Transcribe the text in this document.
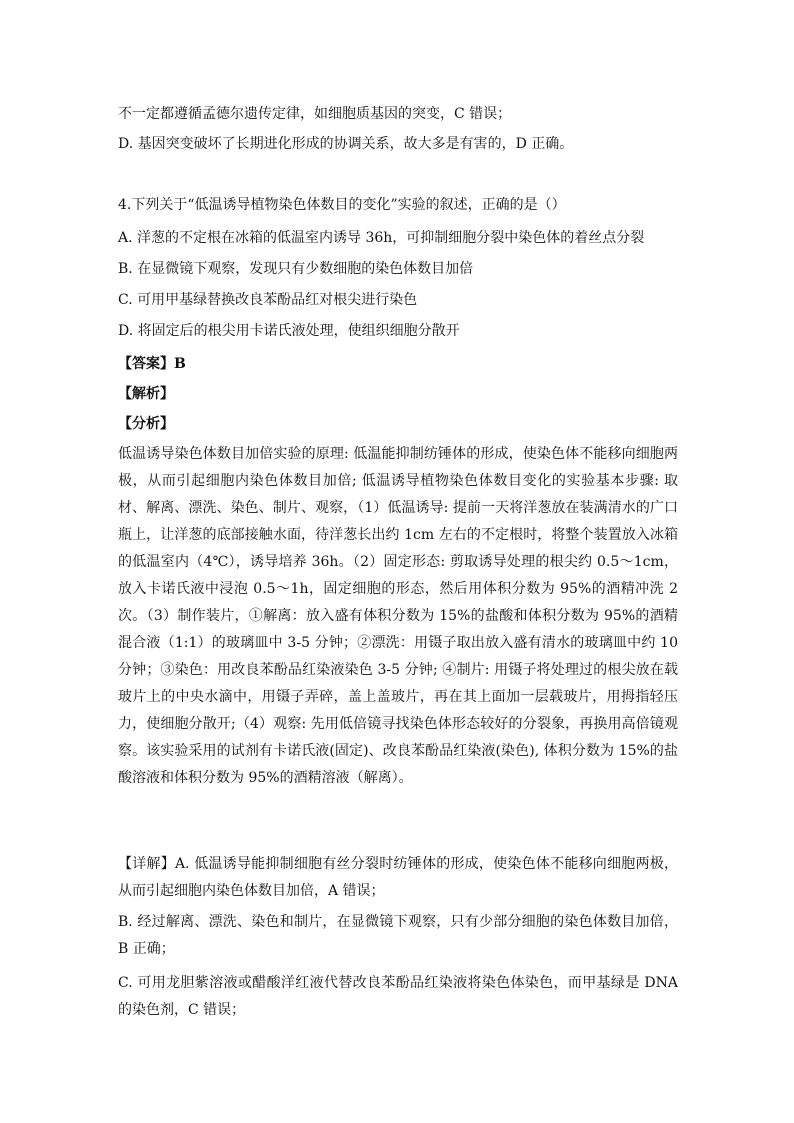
不一定都遵循孟德尔遗传定律，如细胞质基因的突变，C 错误；
D. 基因突变破坏了长期进化形成的协调关系，故大多是有害的，D 正确。
4.下列关于“低温诱导植物染色体数目的变化”实验的叙述，正确的是（）
A. 洋葱的不定根在冰箱的低温室内诱导 36h，可抑制细胞分裂中染色体的着丝点分裂
B. 在显微镜下观察，发现只有少数细胞的染色体数目加倍
C. 可用甲基绿替换改良苯酚品红对根尖进行染色
D. 将固定后的根尖用卡诺氏液处理，使组织细胞分散开
【答案】B
【解析】
【分析】
低温诱导染色体数目加倍实验的原理: 低温能抑制纺锤体的形成，使染色体不能移向细胞两极，从而引起细胞内染色体数目加倍; 低温诱导植物染色体数目变化的实验基本步骤: 取材、解离、漂洗、染色、制片、观察，（1）低温诱导: 提前一天将洋葱放在装满清水的广口瓶上，让洋葱的底部接触水面，待洋葱长出约 1cm 左右的不定根时，将整个装置放入冰箱的低温室内（4℃），诱导培养 36h。（2）固定形态: 剪取诱导处理的根尖约 0.5～1cm，放入卡诺氏液中浸泡 0.5～1h，固定细胞的形态，然后用体积分数为 95%的酒精冲洗 2 次。（3）制作装片，①解离：放入盛有体积分数为 15%的盐酸和体积分数为 95%的酒精混合液（1:1）的玻璃皿中 3-5 分钟；②漂洗：用镊子取出放入盛有清水的玻璃皿中约 10 分钟；③染色：用改良苯酚品红染液染色 3-5 分钟; ④制片: 用镊子将处理过的根尖放在载玻片上的中央水滴中，用镊子弄碎，盖上盖玻片，再在其上面加一层载玻片，用拇指轻压力，使细胞分散开;（4）观察: 先用低倍镜寻找染色体形态较好的分裂象，再换用高倍镜观察。该实验采用的试剂有卡诺氏液(固定)、改良苯酚品红染液(染色), 体积分数为 15%的盐酸溶液和体积分数为 95%的酒精溶液（解离）。
【详解】A. 低温诱导能抑制细胞有丝分裂时纺锤体的形成，使染色体不能移向细胞两极，从而引起细胞内染色体数目加倍，A 错误；
B. 经过解离、漂洗、染色和制片，在显微镜下观察，只有少部分细胞的染色体数目加倍，B 正确；
C. 可用龙胆紫溶液或醋酸洋红液代替改良苯酚品红染液将染色体染色，而甲基绿是 DNA 的染色剂，C 错误；
